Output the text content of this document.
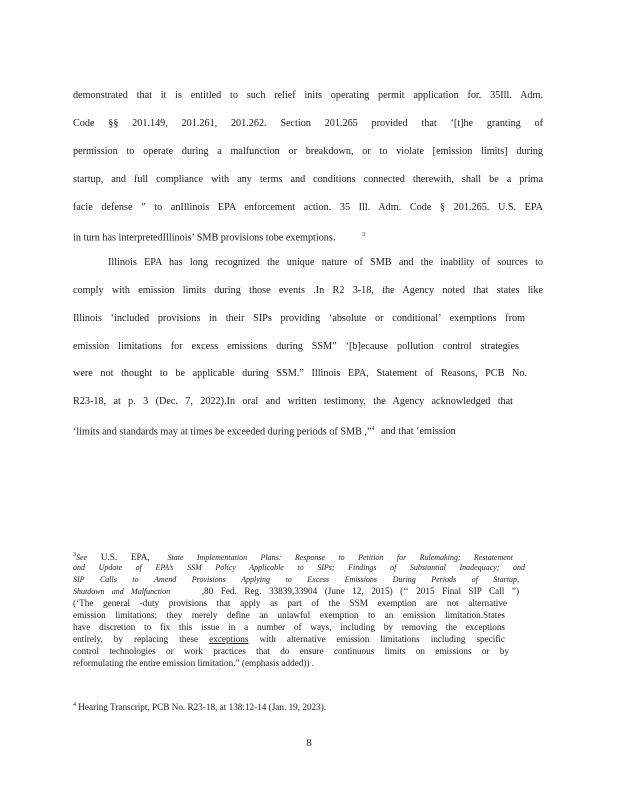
demonstrated that it is entitled to such relief inits operating permit application for. 35Ill. Adm.
Code §§ 201.149, 201.261, 201.262. Section 201.265 provided that ‘[t]he granting of
permission to operate during a malfunction or breakdown, or to violate [emission limits] during
startup, and full compliance with any terms and conditions connected therewith, shall be a prima
facie defense ” to anIllinois EPA enforcement action. 35 Ill. Adm. Code § 201.265. U.S. EPA
in turn has interpretedIllinois’ SMB provisions tobe exemptions.	$^3$
Illinois EPA has long recognized the unique nature of SMB and the inability of sources to
comply with emission limits during those events .In R2 3-18, the Agency noted that states like
Illinois ‘included provisions in their SIPs providing ‘absolute or conditional’ exemptions from
emission limitations for excess emissions during SSM” ‘[b]ecause pollution control strategies
were not thought to be applicable during SSM.” Illinois EPA, Statement of Reasons, PCB No.
R23-18, at p. 3 (Dec. 7, 2022).In oral and written testimony, the Agency acknowledged that
‘limits and standards may at times be exceeded during periods of SMB ,”$^4$ and that ‘emission
$^3$See U.S. EPA, State Implementation Plans: Response to Petition for Rulemaking; Restatement
and Update of EPA’s SSM Policy Applicable to SIPs; Findings of Substantial Inadequacy; and
SIP Calls to Amend Provisions Applying to Excess Emissions During Periods of Startup,
Shutdown and Malfunction	,80 Fed. Reg. 33839,33904 (June 12, 2015) (‘‘ 2015 Final SIP Call ”)
(‘The general -duty provisions that apply as part of the SSM exemption are not alternative
emission limitations; they merely define an unlawful exemption to an emission limitation.States
have discretion to fix this issue in a number of ways, including by removing the exceptions
entirely, by replacing these exceptions with alternative emission limitations including specific
control technologies or work practices that do ensure continuous limits on emissions or by
reformulating the entire emission limitation.” (emphasis added)) .
$^4$ Hearing Transcript, PCB No. R23-18, at 138:12-14 (Jan. 19, 2023).
8
